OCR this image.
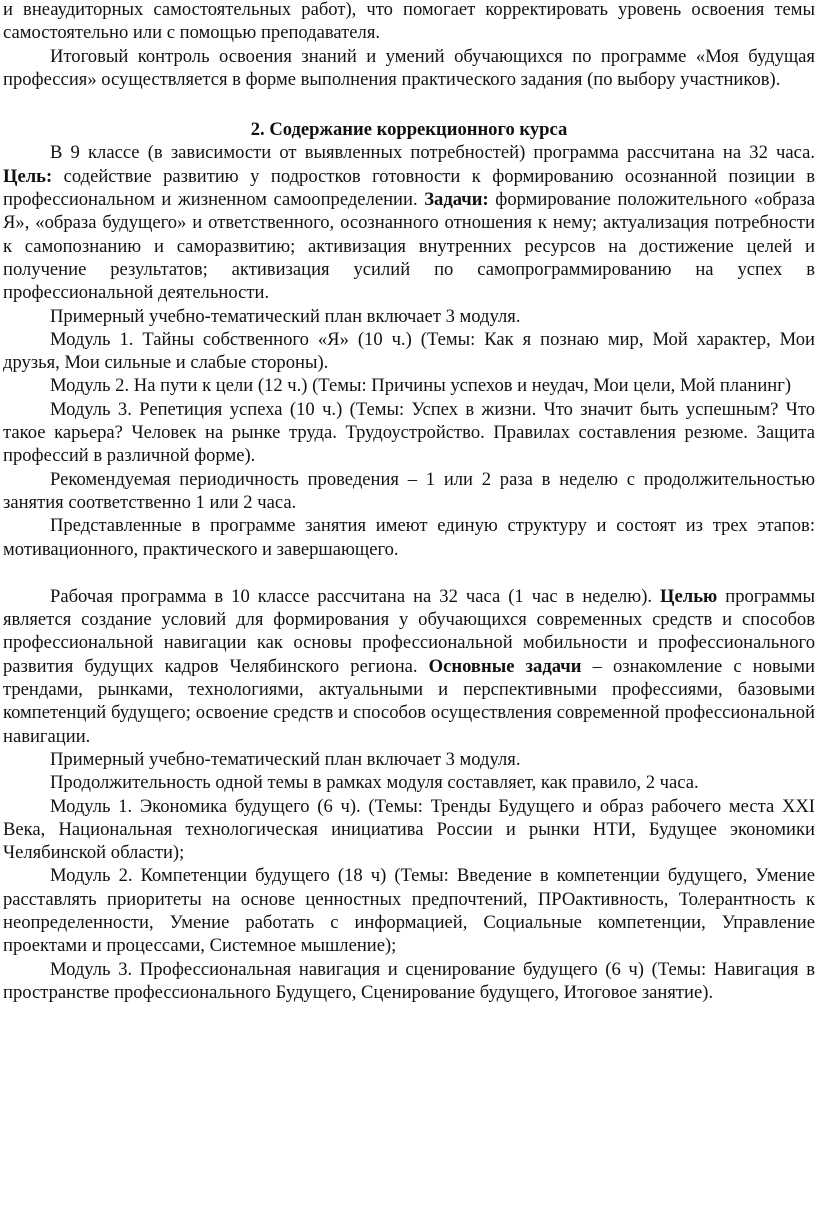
и внеаудиторных самостоятельных работ), что помогает корректировать уровень освоения темы самостоятельно или с помощью преподавателя.

Итоговый контроль освоения знаний и умений обучающихся по программе «Моя будущая профессия» осуществляется в форме выполнения практического задания (по выбору участников).

2. Содержание коррекционного курса

В 9 классе (в зависимости от выявленных потребностей) программа рассчитана на 32 часа. Цель: содействие развитию у подростков готовности к формированию осознанной позиции в профессиональном и жизненном самоопределении. Задачи: формирование положительного «образа Я», «образа будущего» и ответственного, осознанного отношения к нему; актуализация потребности к самопознанию и саморазвитию; активизация внутренних ресурсов на достижение целей и получение результатов; активизация усилий по самопрограммированию на успех в профессиональной деятельности.

Примерный учебно-тематический план включает 3 модуля.

Модуль 1. Тайны собственного «Я» (10 ч.) (Темы: Как я познаю мир, Мой характер, Мои друзья, Мои сильные и слабые стороны).

Модуль 2. На пути к цели (12 ч.) (Темы: Причины успехов и неудач, Мои цели, Мой планинг)

Модуль 3. Репетиция успеха (10 ч.) (Темы: Успех в жизни. Что значит быть успешным? Что такое карьера? Человек на рынке труда. Трудоустройство. Правилах составления резюме. Защита профессий в различной форме).

Рекомендуемая периодичность проведения – 1 или 2 раза в неделю с продолжительностью занятия соответственно 1 или 2 часа.

Представленные в программе занятия имеют единую структуру и состоят из трех этапов: мотивационного, практического и завершающего.

Рабочая программа в 10 классе рассчитана на 32 часа (1 час в неделю). Целью программы является создание условий для формирования у обучающихся современных средств и способов профессиональной навигации как основы профессиональной мобильности и профессионального развития будущих кадров Челябинского региона. Основные задачи – ознакомление с новыми трендами, рынками, технологиями, актуальными и перспективными профессиями, базовыми компетенций будущего; освоение средств и способов осуществления современной профессиональной навигации.

Примерный учебно-тематический план включает 3 модуля.

Продолжительность одной темы в рамках модуля составляет, как правило, 2 часа.

Модуль 1. Экономика будущего (6 ч). (Темы: Тренды Будущего и образ рабочего места XXI Века, Национальная технологическая инициатива России и рынки НТИ, Будущее экономики Челябинской области);

Модуль 2. Компетенции будущего (18 ч) (Темы: Введение в компетенции будущего, Умение расставлять приоритеты на основе ценностных предпочтений, ПРОактивность, Толерантность к неопределенности, Умение работать с информацией, Социальные компетенции, Управление проектами и процессами, Системное мышление);

Модуль 3. Профессиональная навигация и сценирование будущего (6 ч) (Темы: Навигация в пространстве профессионального Будущего, Сценирование будущего, Итоговое занятие).
